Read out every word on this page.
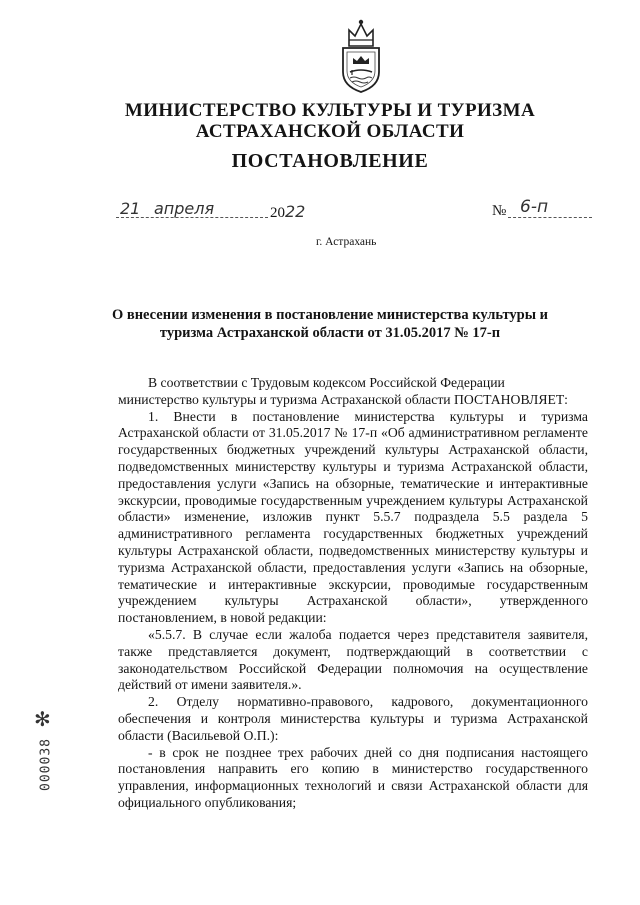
МИНИСТЕРСТВО КУЛЬТУРЫ И ТУРИЗМА
АСТРАХАНСКОЙ ОБЛАСТИ
ПОСТАНОВЛЕНИЕ
21 апреля	2022	№ 6-п
г. Астрахань
О внесении изменения в постановление министерства культуры и
туризма Астраханской области от 31.05.2017 № 17-п

В соответствии с Трудовым кодексом Российской Федерации

министерство культуры и туризма Астраханской области ПОСТАНОВЛЯЕТ:

1. Внести в постановление министерства культуры и туризма Астраханской области от 31.05.2017 № 17-п «Об административном регламенте государственных бюджетных учреждений культуры Астраханской области, подведомственных министерству культуры и туризма Астраханской области, предоставления услуги «Запись на обзорные, тематические и интерактивные экскурсии, проводимые государственным учреждением культуры Астраханской области» изменение, изложив пункт 5.5.7 подраздела 5.5 раздела 5 административного регламента государственных бюджетных учреждений культуры Астраханской области, подведомственных министерству культуры и туризма Астраханской области, предоставления услуги «Запись на обзорные, тематические и интерактивные экскурсии, проводимые государственным учреждением культуры Астраханской области», утвержденного постановлением, в новой редакции:

«5.5.7. В случае если жалоба подается через представителя заявителя, также представляется документ, подтверждающий в соответствии с законодательством Российской Федерации полномочия на осуществление действий от имени заявителя.».

2. Отделу нормативно-правового, кадрового, документационного обеспечения и контроля министерства культуры и туризма Астраханской области (Васильевой О.П.):

- в срок не позднее трех рабочих дней со дня подписания настоящего постановления направить его копию в министерство государственного управления, информационных технологий и связи Астраханской области для официального опубликования;

✻
000038
